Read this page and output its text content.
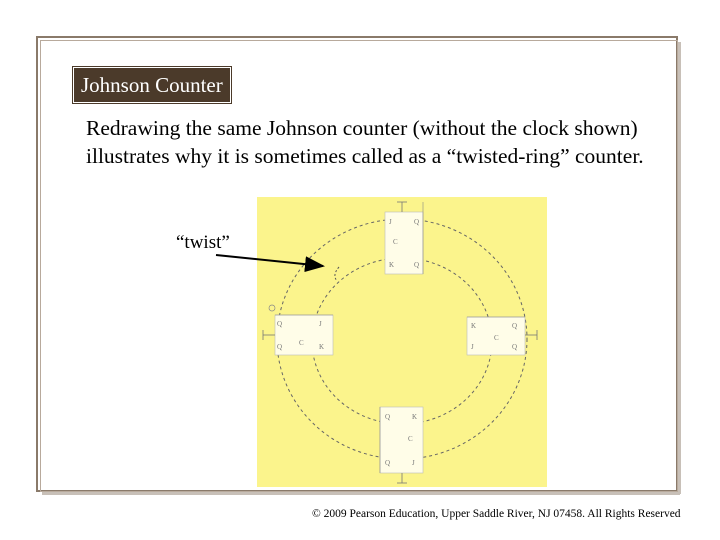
Johnson Counter
Redrawing the same Johnson counter (without the clock shown) illustrates why it is sometimes called as a “twisted-ring” counter.
“twist”
J	Q
C
K	Q
Q	J
C
Q	K
K	Q
C
J	Q
Q	K
C
Q	J
© 2009 Pearson Education, Upper Saddle River, NJ 07458. All Rights Reserved
